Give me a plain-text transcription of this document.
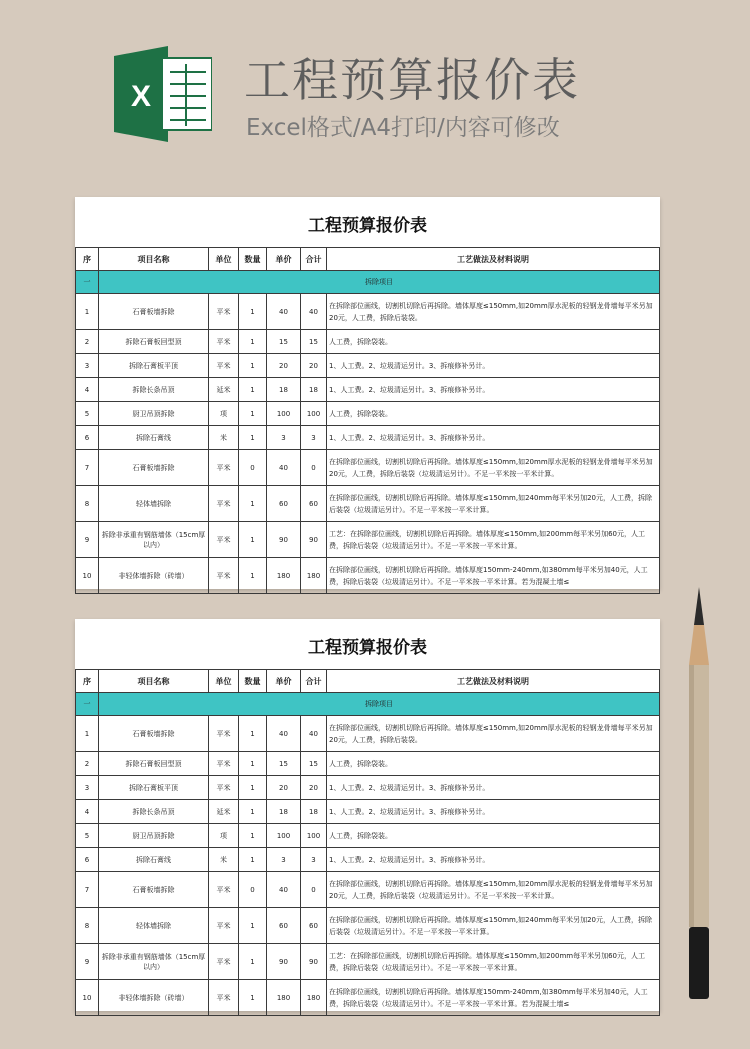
X 工程预算报价表
Excel格式/A4打印/内容可修改
工程预算报价表
序	项目名称	单位	数量	单价	合计	工艺做法及材料说明
一	拆除项目					
1	石膏板墙拆除	平米	1	40	40	在拆除部位画线，切割机切除后再拆除。墙体厚度≤150mm,如20mm厚水泥板的轻钢龙骨墙每平米另加20元，人工费，拆除后装袋。
2	拆除石膏板回型顶	平米	1	15	15	人工费，拆除袋装。
3	拆除石膏板平顶	平米	1	20	20	1、人工费。2、垃圾清运另计。3、拆痕修补另计。
4	拆除长条吊顶	延米	1	18	18	1、人工费。2、垃圾清运另计。3、拆痕修补另计。
5	厨卫吊顶拆除	项	1	100	100	人工费，拆除袋装。
6	拆除石膏线	米	1	3	3	1、人工费。2、垃圾清运另计。3、拆痕修补另计。
7	石膏板墙拆除	平米	0	40	0	在拆除部位画线，切割机切除后再拆除。墙体厚度≤150mm,如20mm厚水泥板的轻钢龙骨墙每平米另加20元，人工费，拆除后装袋（垃圾清运另计）。不足一平米按一平米计算。
8	轻体墙拆除	平米	1	60	60	在拆除部位画线，切割机切除后再拆除。墙体厚度≤150mm,如240mm每平米另加20元，人工费，拆除后装袋（垃圾清运另计）。不足一平米按一平米计算。
9	拆除非承重有钢筋墙体（15cm厚以内）	平米	1	90	90	工艺：在拆除部位画线，切割机切除后再拆除。墙体厚度≤150mm,如200mm每平米另加60元，人工费，拆除后装袋（垃圾清运另计）。不足一平米按一平米计算。
10	非轻体墙拆除（砖墙）	平米	1	180	180	在拆除部位画线，切割机切除后再拆除。墙体厚度150mm-240mm,如380mm每平米另加40元，人工费，拆除后装袋（垃圾清运另计）。不足一平米按一平米计算。若为混凝土墙≤
工程预算报价表
序	项目名称	单位	数量	单价	合计	工艺做法及材料说明
一	拆除项目					
1	石膏板墙拆除	平米	1	40	40	在拆除部位画线，切割机切除后再拆除。墙体厚度≤150mm,如20mm厚水泥板的轻钢龙骨墙每平米另加20元，人工费，拆除后装袋。
2	拆除石膏板回型顶	平米	1	15	15	人工费，拆除袋装。
3	拆除石膏板平顶	平米	1	20	20	1、人工费。2、垃圾清运另计。3、拆痕修补另计。
4	拆除长条吊顶	延米	1	18	18	1、人工费。2、垃圾清运另计。3、拆痕修补另计。
5	厨卫吊顶拆除	项	1	100	100	人工费，拆除袋装。
6	拆除石膏线	米	1	3	3	1、人工费。2、垃圾清运另计。3、拆痕修补另计。
7	石膏板墙拆除	平米	0	40	0	在拆除部位画线，切割机切除后再拆除。墙体厚度≤150mm,如20mm厚水泥板的轻钢龙骨墙每平米另加20元，人工费，拆除后装袋（垃圾清运另计）。不足一平米按一平米计算。
8	轻体墙拆除	平米	1	60	60	在拆除部位画线，切割机切除后再拆除。墙体厚度≤150mm,如240mm每平米另加20元，人工费，拆除后装袋（垃圾清运另计）。不足一平米按一平米计算。
9	拆除非承重有钢筋墙体（15cm厚以内）	平米	1	90	90	工艺：在拆除部位画线，切割机切除后再拆除。墙体厚度≤150mm,如200mm每平米另加60元，人工费，拆除后装袋（垃圾清运另计）。不足一平米按一平米计算。
10	非轻体墙拆除（砖墙）	平米	1	180	180	在拆除部位画线，切割机切除后再拆除。墙体厚度150mm-240mm,如380mm每平米另加40元，人工费，拆除后装袋（垃圾清运另计）。不足一平米按一平米计算。若为混凝土墙≤
